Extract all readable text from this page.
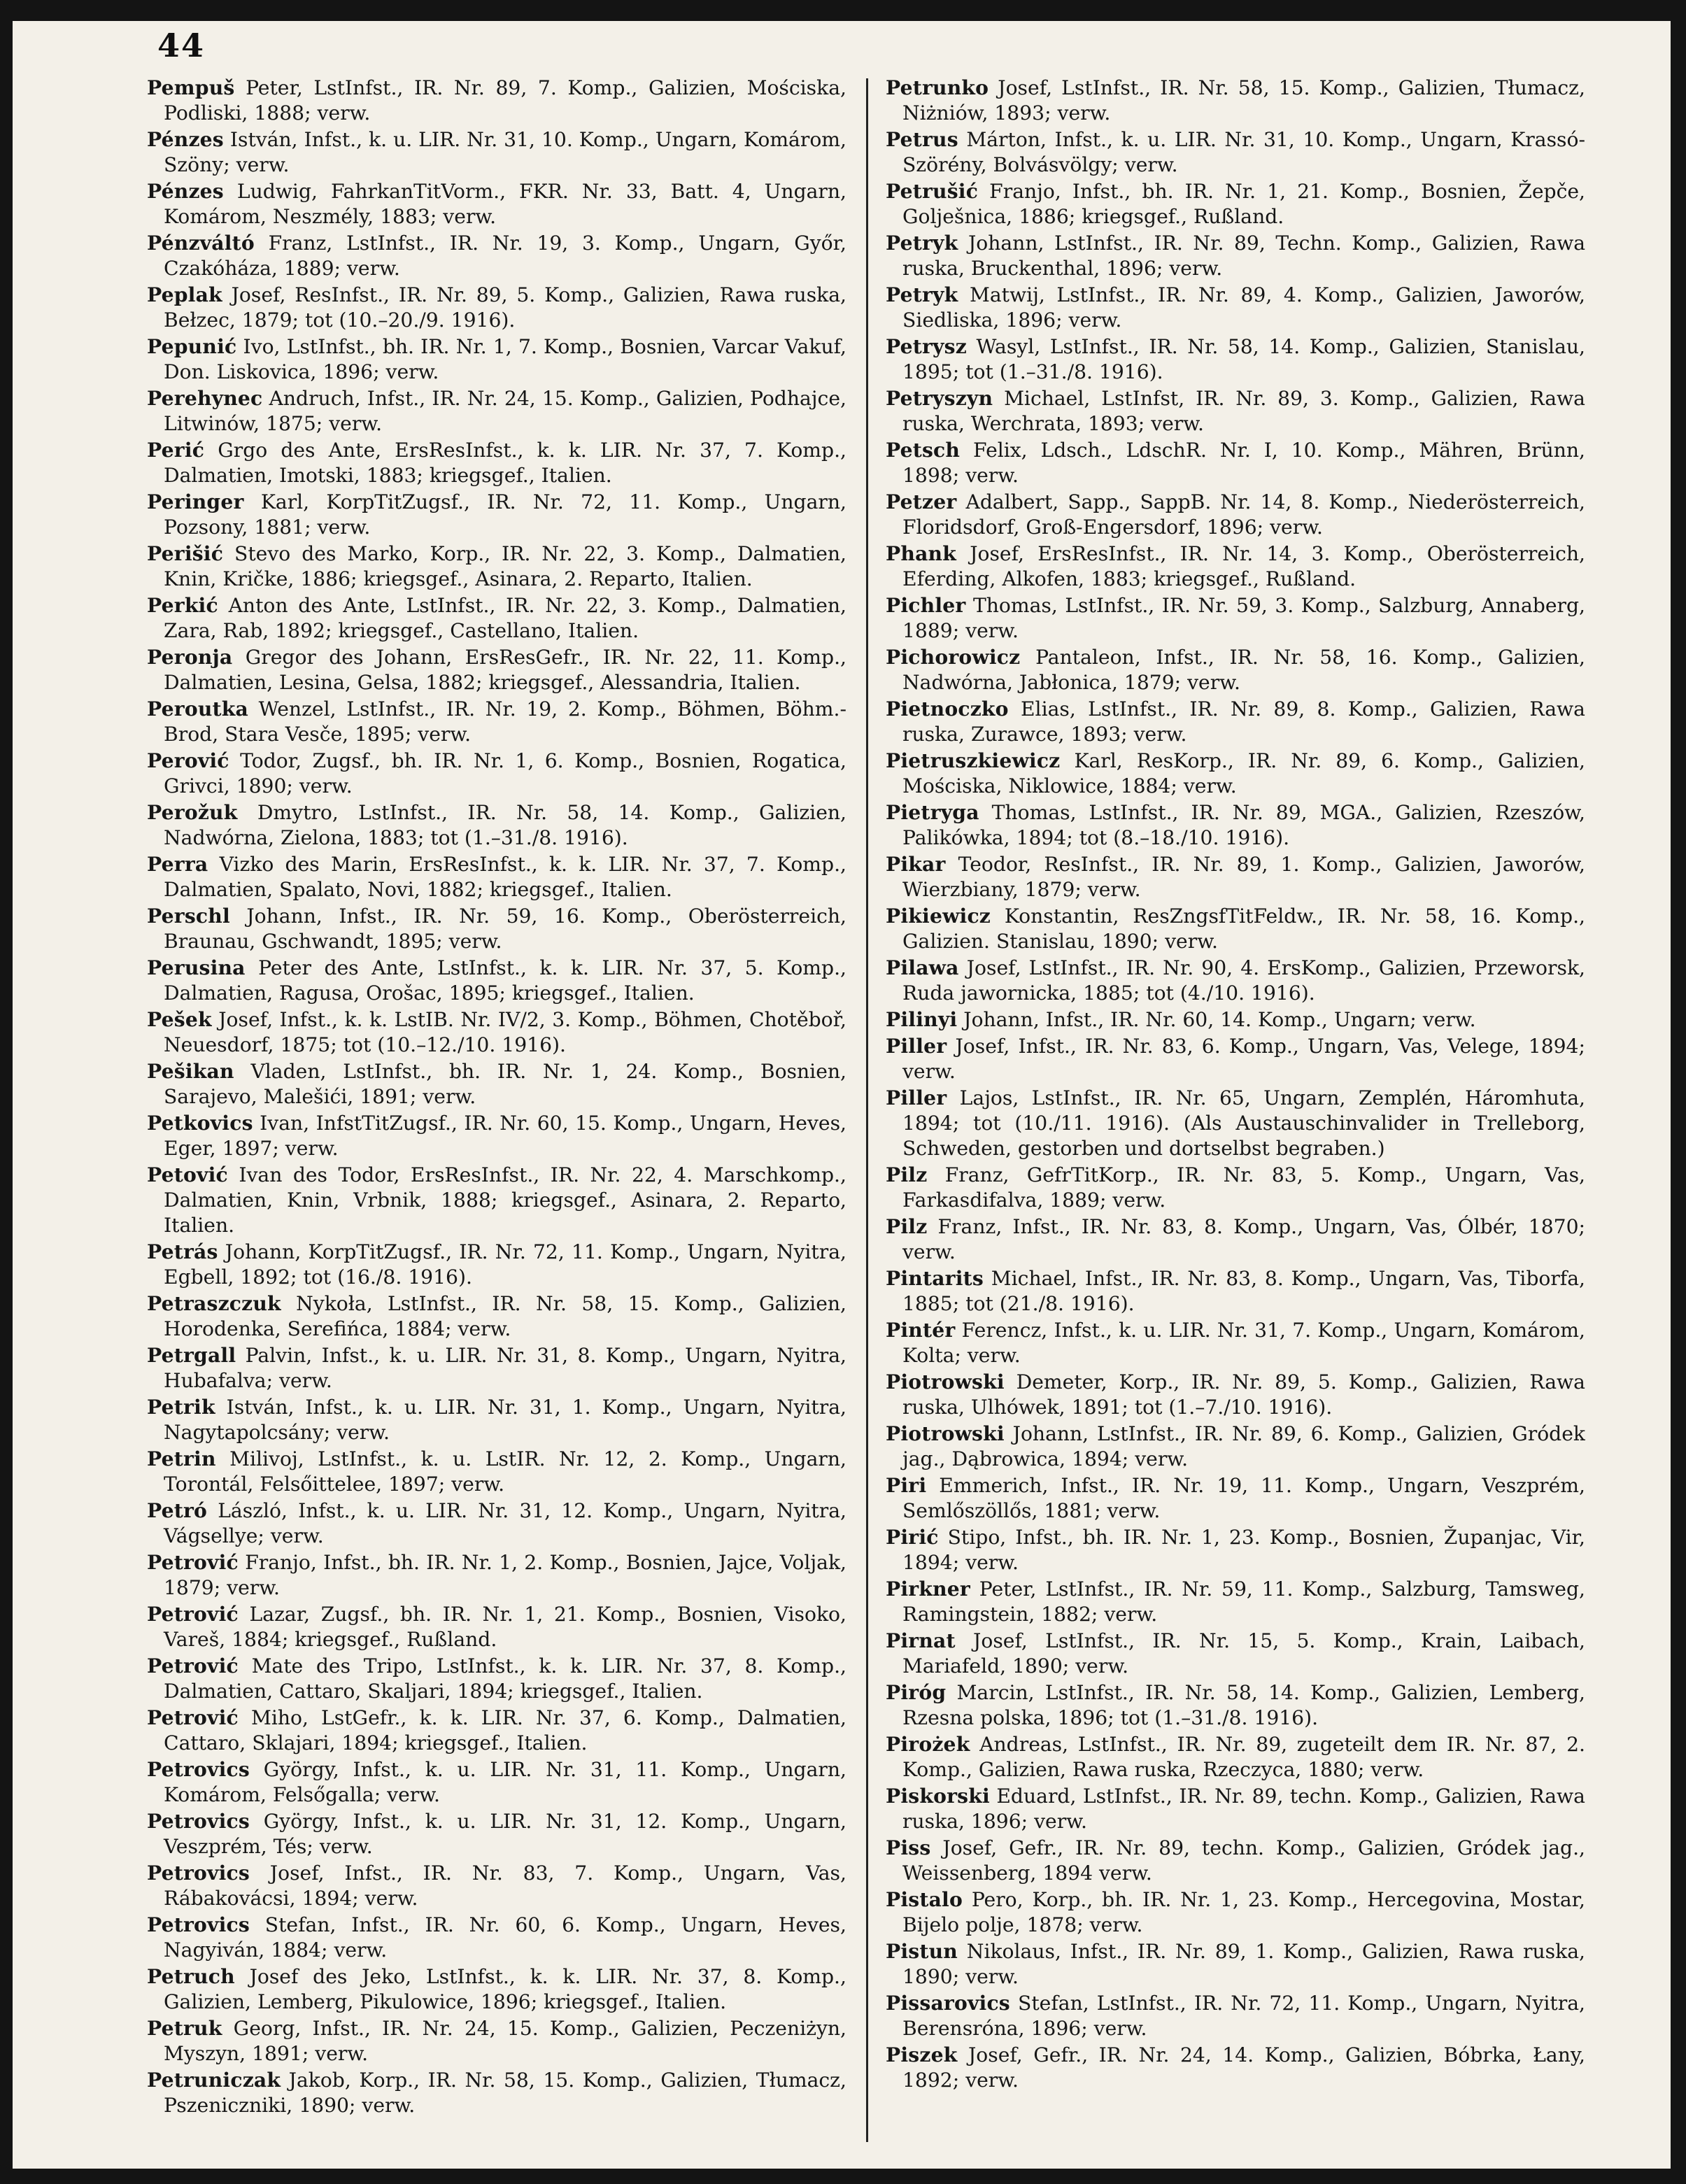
44

Pempuš Peter, LstInfst., IR. Nr. 89, 7. Komp., Galizien, Mościska, Podliski, 1888; verw.

Pénzes István, Infst., k. u. LIR. Nr. 31, 10. Komp., Ungarn, Komárom, Szöny; verw.

Pénzes Ludwig, FahrkanTitVorm., FKR. Nr. 33, Batt. 4, Ungarn, Komárom, Neszmély, 1883; verw.

Pénzváltó Franz, LstInfst., IR. Nr. 19, 3. Komp., Ungarn, Győr, Czakóháza, 1889; verw.

Peplak Josef, ResInfst., IR. Nr. 89, 5. Komp., Galizien, Rawa ruska, Bełzec, 1879; tot (10.–20./9. 1916).

Pepunić Ivo, LstInfst., bh. IR. Nr. 1, 7. Komp., Bosnien, Varcar Vakuf, Don. Liskovica, 1896; verw.

Perehynec Andruch, Infst., IR. Nr. 24, 15. Komp., Galizien, Podhajce, Litwinów, 1875; verw.

Perić Grgo des Ante, ErsResInfst., k. k. LIR. Nr. 37, 7. Komp., Dalmatien, Imotski, 1883; kriegsgef., Italien.

Peringer Karl, KorpTitZugsf., IR. Nr. 72, 11. Komp., Ungarn, Pozsony, 1881; verw.

Perišić Stevo des Marko, Korp., IR. Nr. 22, 3. Komp., Dalmatien, Knin, Kričke, 1886; kriegsgef., Asinara, 2. Reparto, Italien.

Perkić Anton des Ante, LstInfst., IR. Nr. 22, 3. Komp., Dalmatien, Zara, Rab, 1892; kriegsgef., Castellano, Italien.

Peronja Gregor des Johann, ErsResGefr., IR. Nr. 22, 11. Komp., Dalmatien, Lesina, Gelsa, 1882; kriegsgef., Alessandria, Italien.

Peroutka Wenzel, LstInfst., IR. Nr. 19, 2. Komp., Böhmen, Böhm.-Brod, Stara Vesče, 1895; verw.

Perović Todor, Zugsf., bh. IR. Nr. 1, 6. Komp., Bosnien, Rogatica, Grivci, 1890; verw.

Perožuk Dmytro, LstInfst., IR. Nr. 58, 14. Komp., Galizien, Nadwórna, Zielona, 1883; tot (1.–31./8. 1916).

Perra Vizko des Marin, ErsResInfst., k. k. LIR. Nr. 37, 7. Komp., Dalmatien, Spalato, Novi, 1882; kriegsgef., Italien.

Perschl Johann, Infst., IR. Nr. 59, 16. Komp., Oberösterreich, Braunau, Gschwandt, 1895; verw.

Perusina Peter des Ante, LstInfst., k. k. LIR. Nr. 37, 5. Komp., Dalmatien, Ragusa, Orošac, 1895; kriegsgef., Italien.

Pešek Josef, Infst., k. k. LstIB. Nr. IV/2, 3. Komp., Böhmen, Chotěboř, Neuesdorf, 1875; tot (10.–12./10. 1916).

Pešikan Vladen, LstInfst., bh. IR. Nr. 1, 24. Komp., Bosnien, Sarajevo, Malešići, 1891; verw.

Petkovics Ivan, InfstTitZugsf., IR. Nr. 60, 15. Komp., Ungarn, Heves, Eger, 1897; verw.

Petović Ivan des Todor, ErsResInfst., IR. Nr. 22, 4. Marschkomp., Dalmatien, Knin, Vrbnik, 1888; kriegsgef., Asinara, 2. Reparto, Italien.

Petrás Johann, KorpTitZugsf., IR. Nr. 72, 11. Komp., Ungarn, Nyitra, Egbell, 1892; tot (16./8. 1916).

Petraszczuk Nykoła, LstInfst., IR. Nr. 58, 15. Komp., Galizien, Horodenka, Serefińca, 1884; verw.

Petrgall Palvin, Infst., k. u. LIR. Nr. 31, 8. Komp., Ungarn, Nyitra, Hubafalva; verw.

Petrik István, Infst., k. u. LIR. Nr. 31, 1. Komp., Ungarn, Nyitra, Nagytapolcsány; verw.

Petrin Milivoj, LstInfst., k. u. LstIR. Nr. 12, 2. Komp., Ungarn, Torontál, Felsőittelee, 1897; verw.

Petró László, Infst., k. u. LIR. Nr. 31, 12. Komp., Ungarn, Nyitra, Vágsellye; verw.

Petrović Franjo, Infst., bh. IR. Nr. 1, 2. Komp., Bosnien, Jajce, Voljak, 1879; verw.

Petrović Lazar, Zugsf., bh. IR. Nr. 1, 21. Komp., Bosnien, Visoko, Vareš, 1884; kriegsgef., Rußland.

Petrović Mate des Tripo, LstInfst., k. k. LIR. Nr. 37, 8. Komp., Dalmatien, Cattaro, Skaljari, 1894; kriegsgef., Italien.

Petrović Miho, LstGefr., k. k. LIR. Nr. 37, 6. Komp., Dalmatien, Cattaro, Sklajari, 1894; kriegsgef., Italien.

Petrovics György, Infst., k. u. LIR. Nr. 31, 11. Komp., Ungarn, Komárom, Felsőgalla; verw.

Petrovics György, Infst., k. u. LIR. Nr. 31, 12. Komp., Ungarn, Veszprém, Tés; verw.

Petrovics Josef, Infst., IR. Nr. 83, 7. Komp., Ungarn, Vas, Rábakovácsi, 1894; verw.

Petrovics Stefan, Infst., IR. Nr. 60, 6. Komp., Ungarn, Heves, Nagyiván, 1884; verw.

Petruch Josef des Jeko, LstInfst., k. k. LIR. Nr. 37, 8. Komp., Galizien, Lemberg, Pikulowice, 1896; kriegsgef., Italien.

Petruk Georg, Infst., IR. Nr. 24, 15. Komp., Galizien, Peczeniżyn, Myszyn, 1891; verw.

Petruniczak Jakob, Korp., IR. Nr. 58, 15. Komp., Galizien, Tłumacz, Pszeniczniki, 1890; verw.

Petrunko Josef, LstInfst., IR. Nr. 58, 15. Komp., Galizien, Tłumacz, Niżniów, 1893; verw.

Petrus Márton, Infst., k. u. LIR. Nr. 31, 10. Komp., Ungarn, Krassó-Szörény, Bolvásvölgy; verw.

Petrušić Franjo, Infst., bh. IR. Nr. 1, 21. Komp., Bosnien, Žepče, Golješnica, 1886; kriegsgef., Rußland.

Petryk Johann, LstInfst., IR. Nr. 89, Techn. Komp., Galizien, Rawa ruska, Bruckenthal, 1896; verw.

Petryk Matwij, LstInfst., IR. Nr. 89, 4. Komp., Galizien, Jaworów, Siedliska, 1896; verw.

Petrysz Wasyl, LstInfst., IR. Nr. 58, 14. Komp., Galizien, Stanislau, 1895; tot (1.–31./8. 1916).

Petryszyn Michael, LstInfst, IR. Nr. 89, 3. Komp., Galizien, Rawa ruska, Werchrata, 1893; verw.

Petsch Felix, Ldsch., LdschR. Nr. I, 10. Komp., Mähren, Brünn, 1898; verw.

Petzer Adalbert, Sapp., SappB. Nr. 14, 8. Komp., Niederösterreich, Floridsdorf, Groß-Engersdorf, 1896; verw.

Phank Josef, ErsResInfst., IR. Nr. 14, 3. Komp., Oberösterreich, Eferding, Alkofen, 1883; kriegsgef., Rußland.

Pichler Thomas, LstInfst., IR. Nr. 59, 3. Komp., Salzburg, Annaberg, 1889; verw.

Pichorowicz Pantaleon, Infst., IR. Nr. 58, 16. Komp., Galizien, Nadwórna, Jabłonica, 1879; verw.

Pietnoczko Elias, LstInfst., IR. Nr. 89, 8. Komp., Galizien, Rawa ruska, Zurawce, 1893; verw.

Pietruszkiewicz Karl, ResKorp., IR. Nr. 89, 6. Komp., Galizien, Mościska, Niklowice, 1884; verw.

Pietryga Thomas, LstInfst., IR. Nr. 89, MGA., Galizien, Rzeszów, Palikówka, 1894; tot (8.–18./10. 1916).

Pikar Teodor, ResInfst., IR. Nr. 89, 1. Komp., Galizien, Jaworów, Wierzbiany, 1879; verw.

Pikiewicz Konstantin, ResZngsfTitFeldw., IR. Nr. 58, 16. Komp., Galizien. Stanislau, 1890; verw.

Pilawa Josef, LstInfst., IR. Nr. 90, 4. ErsKomp., Galizien, Przeworsk, Ruda jawornicka, 1885; tot (4./10. 1916).

Pilinyi Johann, Infst., IR. Nr. 60, 14. Komp., Ungarn; verw.

Piller Josef, Infst., IR. Nr. 83, 6. Komp., Ungarn, Vas, Velege, 1894; verw.

Piller Lajos, LstInfst., IR. Nr. 65, Ungarn, Zemplén, Háromhuta, 1894; tot (10./11. 1916). (Als Austauschinvalider in Trelleborg, Schweden, gestorben und dortselbst begraben.)

Pilz Franz, GefrTitKorp., IR. Nr. 83, 5. Komp., Ungarn, Vas, Farkasdifalva, 1889; verw.

Pilz Franz, Infst., IR. Nr. 83, 8. Komp., Ungarn, Vas, Ólbér, 1870; verw.

Pintarits Michael, Infst., IR. Nr. 83, 8. Komp., Ungarn, Vas, Tiborfa, 1885; tot (21./8. 1916).

Pintér Ferencz, Infst., k. u. LIR. Nr. 31, 7. Komp., Ungarn, Komárom, Kolta; verw.

Piotrowski Demeter, Korp., IR. Nr. 89, 5. Komp., Galizien, Rawa ruska, Ulhówek, 1891; tot (1.–7./10. 1916).

Piotrowski Johann, LstInfst., IR. Nr. 89, 6. Komp., Galizien, Gródek jag., Dąbrowica, 1894; verw.

Piri Emmerich, Infst., IR. Nr. 19, 11. Komp., Ungarn, Veszprém, Semlőszöllős, 1881; verw.

Pirić Stipo, Infst., bh. IR. Nr. 1, 23. Komp., Bosnien, Županjac, Vir, 1894; verw.

Pirkner Peter, LstInfst., IR. Nr. 59, 11. Komp., Salzburg, Tamsweg, Ramingstein, 1882; verw.

Pirnat Josef, LstInfst., IR. Nr. 15, 5. Komp., Krain, Laibach, Mariafeld, 1890; verw.

Piróg Marcin, LstInfst., IR. Nr. 58, 14. Komp., Galizien, Lemberg, Rzesna polska, 1896; tot (1.–31./8. 1916).

Pirożek Andreas, LstInfst., IR. Nr. 89, zugeteilt dem IR. Nr. 87, 2. Komp., Galizien, Rawa ruska, Rzeczyca, 1880; verw.

Piskorski Eduard, LstInfst., IR. Nr. 89, techn. Komp., Galizien, Rawa ruska, 1896; verw.

Piss Josef, Gefr., IR. Nr. 89, techn. Komp., Galizien, Gródek jag., Weissenberg, 1894 verw.

Pistalo Pero, Korp., bh. IR. Nr. 1, 23. Komp., Hercegovina, Mostar, Bijelo polje, 1878; verw.

Pistun Nikolaus, Infst., IR. Nr. 89, 1. Komp., Galizien, Rawa ruska, 1890; verw.

Pissarovics Stefan, LstInfst., IR. Nr. 72, 11. Komp., Ungarn, Nyitra, Berensróna, 1896; verw.

Piszek Josef, Gefr., IR. Nr. 24, 14. Komp., Galizien, Bóbrka, Łany, 1892; verw.
